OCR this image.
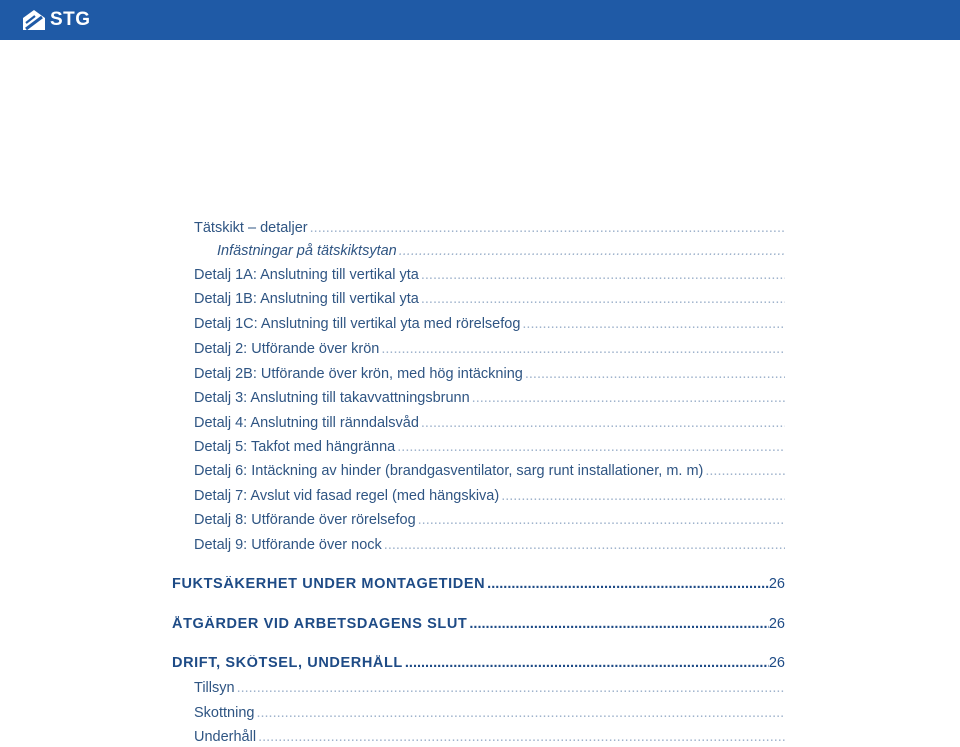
STG
Tätskikt – detaljer
.....
Infästningar på tätskiktsytan
.....
Detalj 1A: Anslutning till vertikal yta
.....
Detalj 1B: Anslutning till vertikal yta
.....
Detalj 1C: Anslutning till vertikal yta med rörelsefog
.....
Detalj 2: Utförande över krön
.....
Detalj 2B: Utförande över krön, med hög intäckning
.....
Detalj 3: Anslutning till takavvattningsbrunn
.....
Detalj 4: Anslutning till ränndalsvåd
.....
Detalj 5: Takfot med hängränna
.....
Detalj 6: Intäckning av hinder (brandgasventilator, sarg runt installationer, m. m)
.....
Detalj 7: Avslut vid fasad regel (med hängskiva)
.....
Detalj 8: Utförande över rörelsefog
.....
Detalj 9: Utförande över nock
.....
FUKTSÄKERHET UNDER MONTAGETIDEN .....	26
ÅTGÄRDER VID ARBETSDAGENS SLUT .....	26
DRIFT, SKÖTSEL, UNDERHÅLL .....	26
Tillsyn
.....
Skottning
.....
Underhåll
.....
